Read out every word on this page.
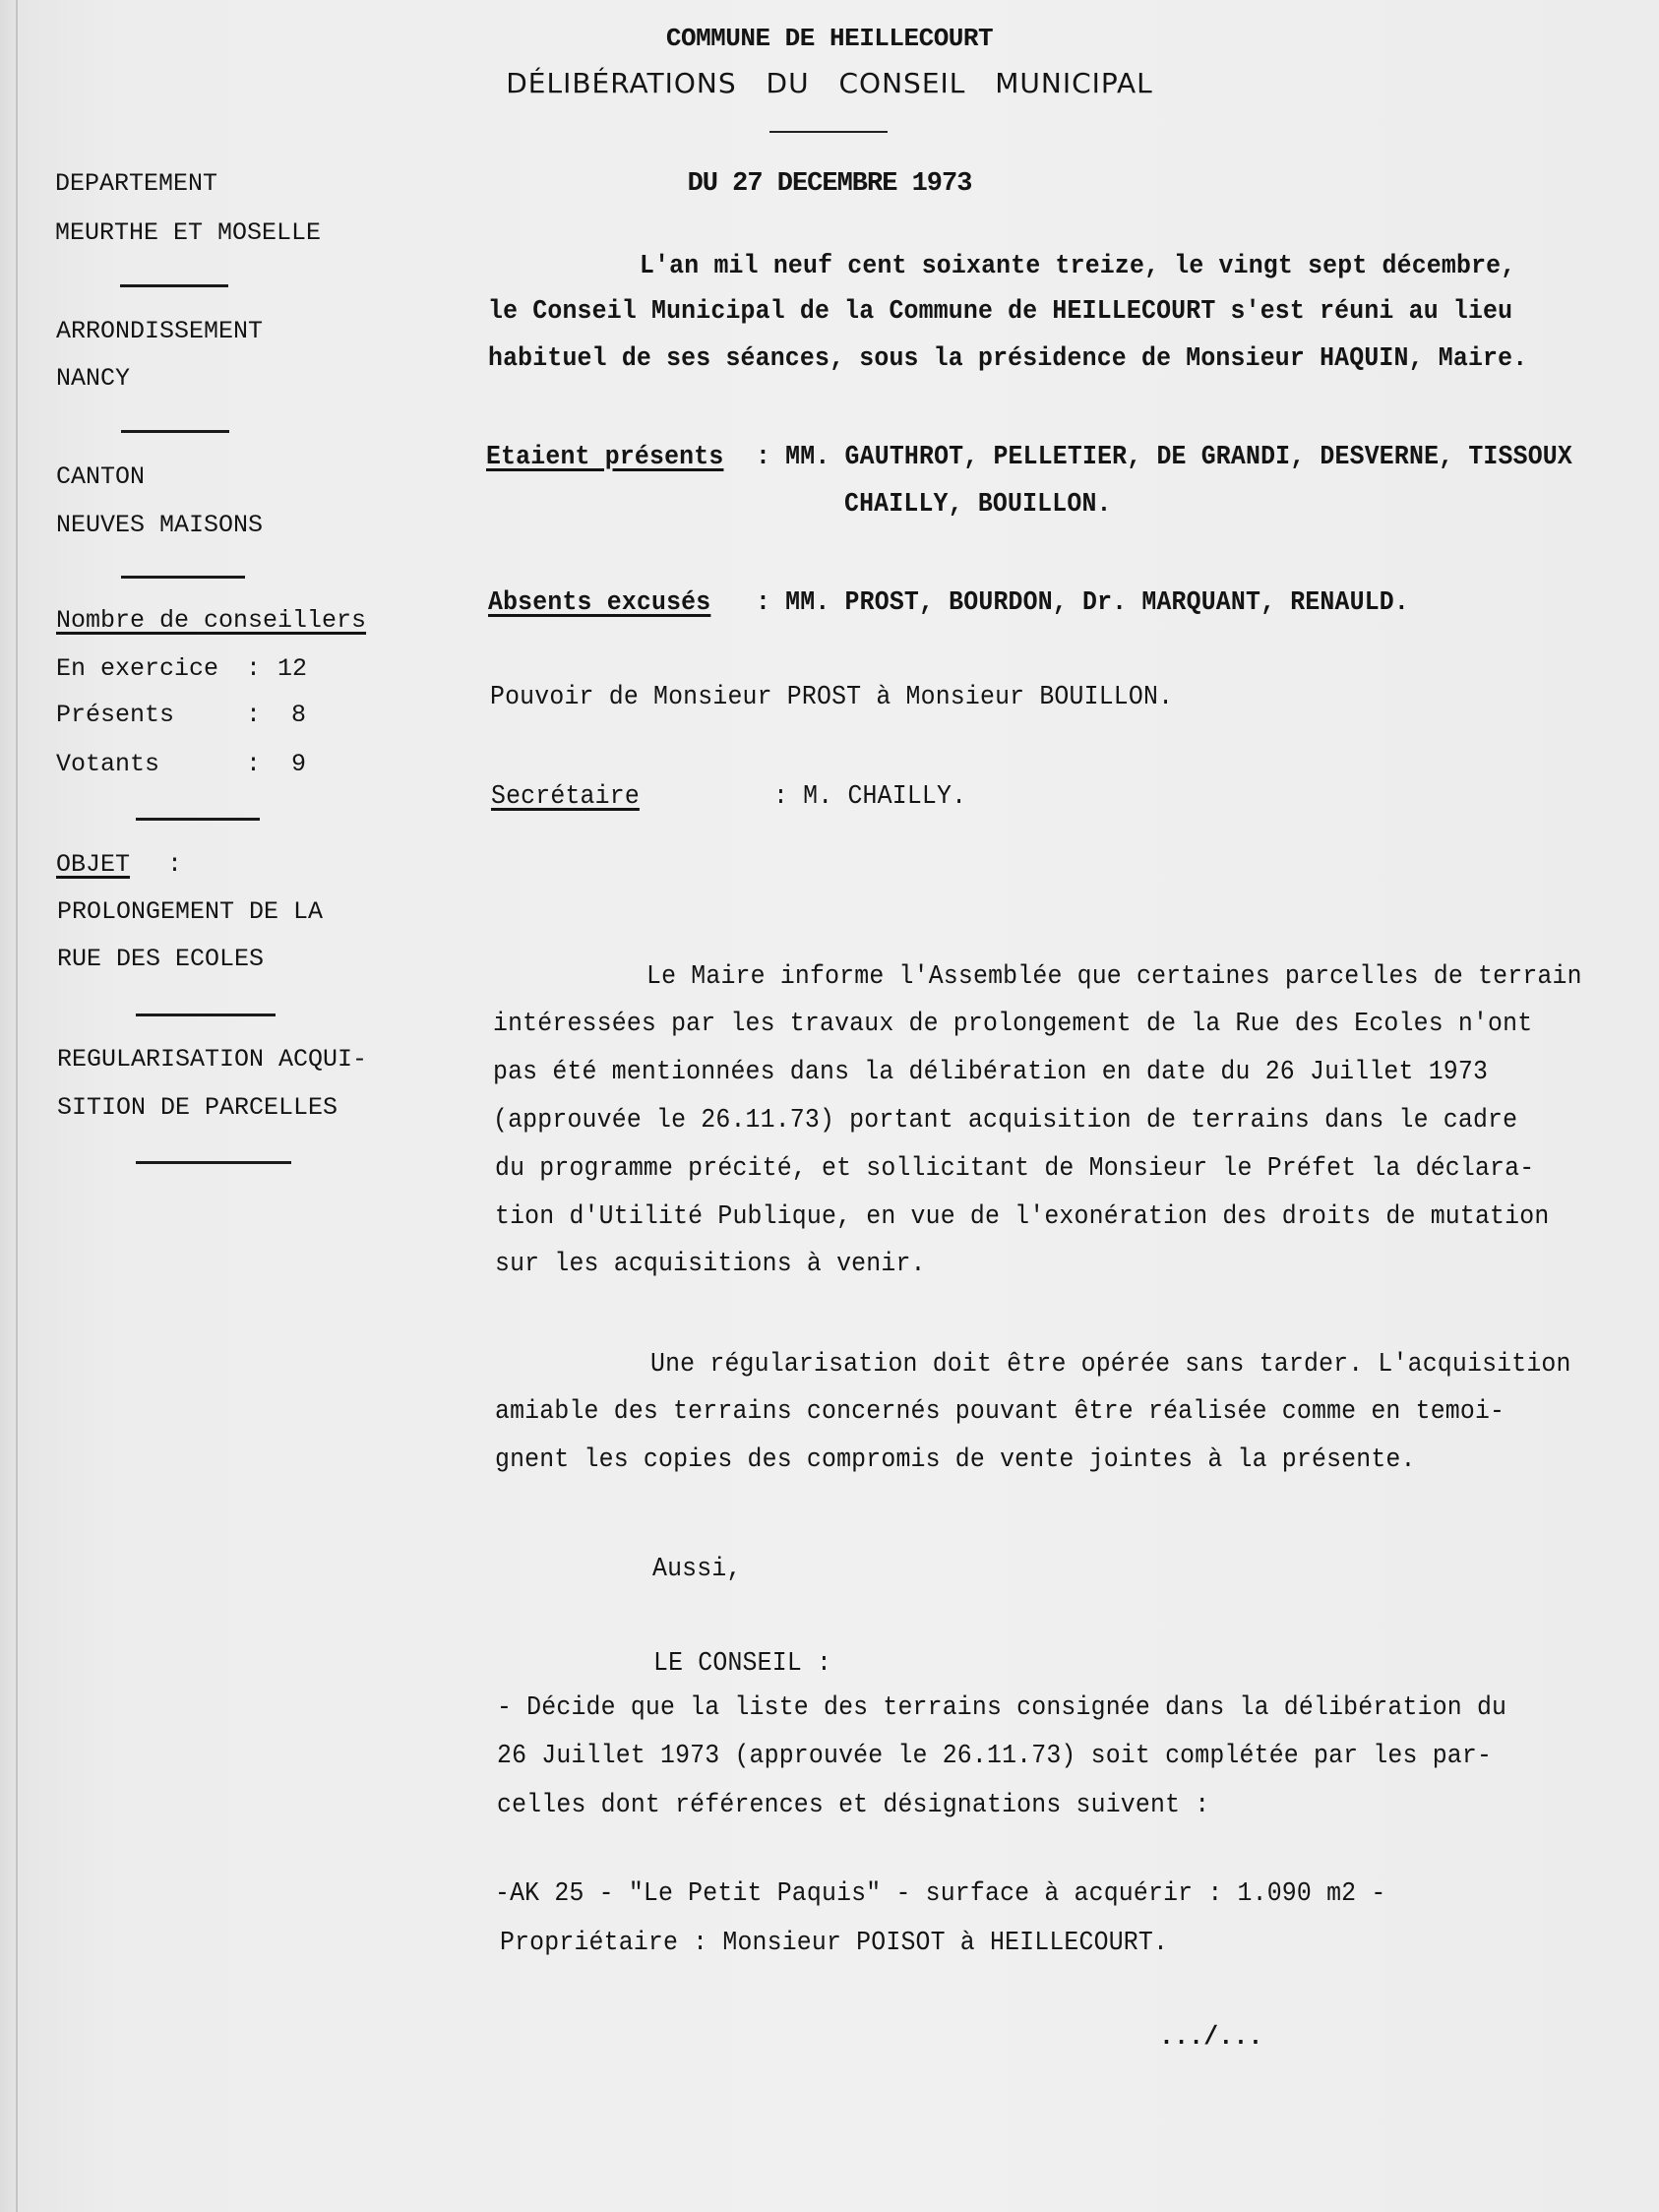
COMMUNE DE HEILLECOURT
DÉLIBÉRATIONS DU CONSEIL MUNICIPAL
DU 27 DECEMBRE 1973
DEPARTEMENT
MEURTHE ET MOSELLE
ARRONDISSEMENT
NANCY
CANTON
NEUVES MAISONS
Nombre de conseillers
En exercice : 12
Présents	: 8
Votants	: 9
OBJET :
PROLONGEMENT DE LA
RUE DES ECOLES
REGULARISATION ACQUI-
SITION DE PARCELLES
L'an mil neuf cent soixante treize, le vingt sept décembre,
le Conseil Municipal de la Commune de HEILLECOURT s'est réuni au lieu
habituel de ses séances, sous la présidence de Monsieur HAQUIN, Maire.
Etaient présents : MM. GAUTHROT, PELLETIER, DE GRANDI, DESVERNE, TISSOUX
CHAILLY, BOUILLON.
Absents excusés : MM. PROST, BOURDON, Dr. MARQUANT, RENAULD.
Pouvoir de Monsieur PROST à Monsieur BOUILLON.
Secrétaire	: M. CHAILLY.
Le Maire informe l'Assemblée que certaines parcelles de terrain
intéressées par les travaux de prolongement de la Rue des Ecoles n'ont
pas été mentionnées dans la délibération en date du 26 Juillet 1973
(approuvée le 26.11.73) portant acquisition de terrains dans le cadre
du programme précité, et sollicitant de Monsieur le Préfet la déclara-
tion d'Utilité Publique, en vue de l'exonération des droits de mutation
sur les acquisitions à venir.
Une régularisation doit être opérée sans tarder. L'acquisition
amiable des terrains concernés pouvant être réalisée comme en temoi-
gnent les copies des compromis de vente jointes à la présente.
Aussi,
LE CONSEIL :
- Décide que la liste des terrains consignée dans la délibération du
26 Juillet 1973 (approuvée le 26.11.73) soit complétée par les par-
celles dont références et désignations suivent :
-AK 25 - "Le Petit Paquis" - surface à acquérir : 1.090 m2 -
Propriétaire : Monsieur POISOT à HEILLECOURT.
.../...
